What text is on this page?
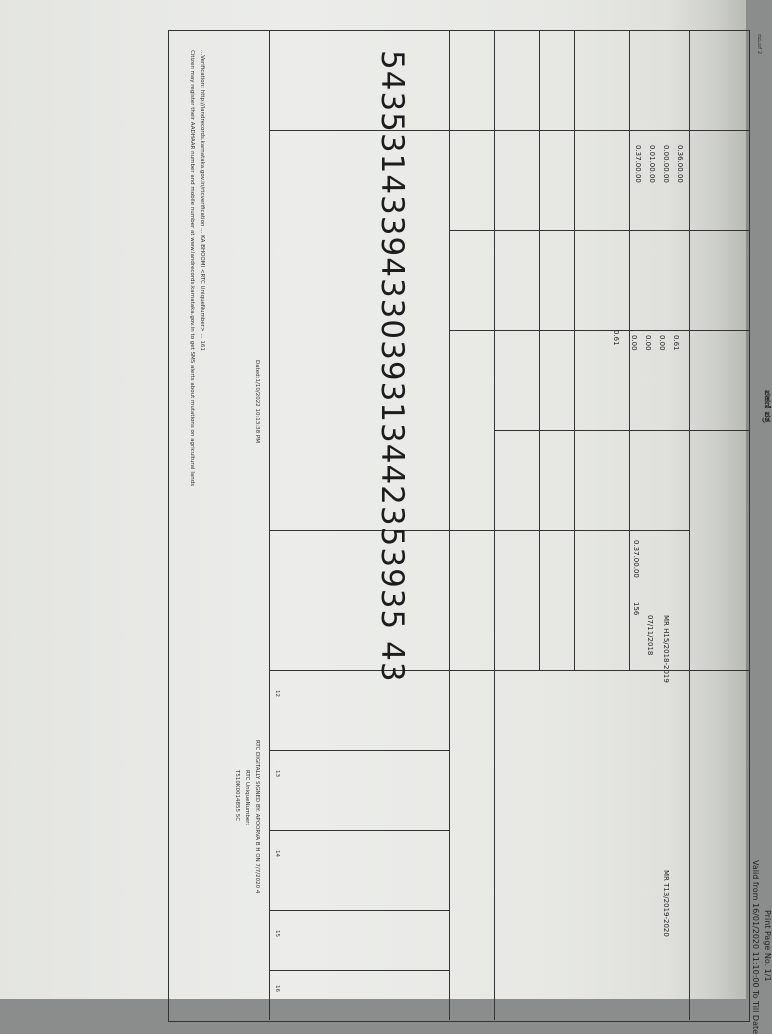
ಪಹಣಿ ಪತ್ರ
Print Page No. 1/1
Valid from 16/01/2020 11:10:00 To Till Date
ನಮೂನೆ 2
0.36.00.00
0.00.00.00
0.01.00.00
0.37.00.00
0.61
0.00
0.00
0.00
0.61
0.37.00.00
156
MR H15/2018-2019
07/11/2018
MR T13/2019-2020
12
13
14
15
16
5435314339433039313442353935 43
Dated:1/10/2022 10:13:38 PM
RTC DIGITALLY SIGNED BY: APOORVA B H ON 7/7/2020 4
RTC UniqueNumber:
T510K0014855 5C
...Verification: http://landrecords.karnataka.gov.in/rtcverification ... KA BHOOMI <RTC UniqueNumber> ... 161
Citizen may register their AADHAAR number and mobile number at www.landrecords.karnataka.gov.in to get SMS alerts about mutations on agricultural lands
